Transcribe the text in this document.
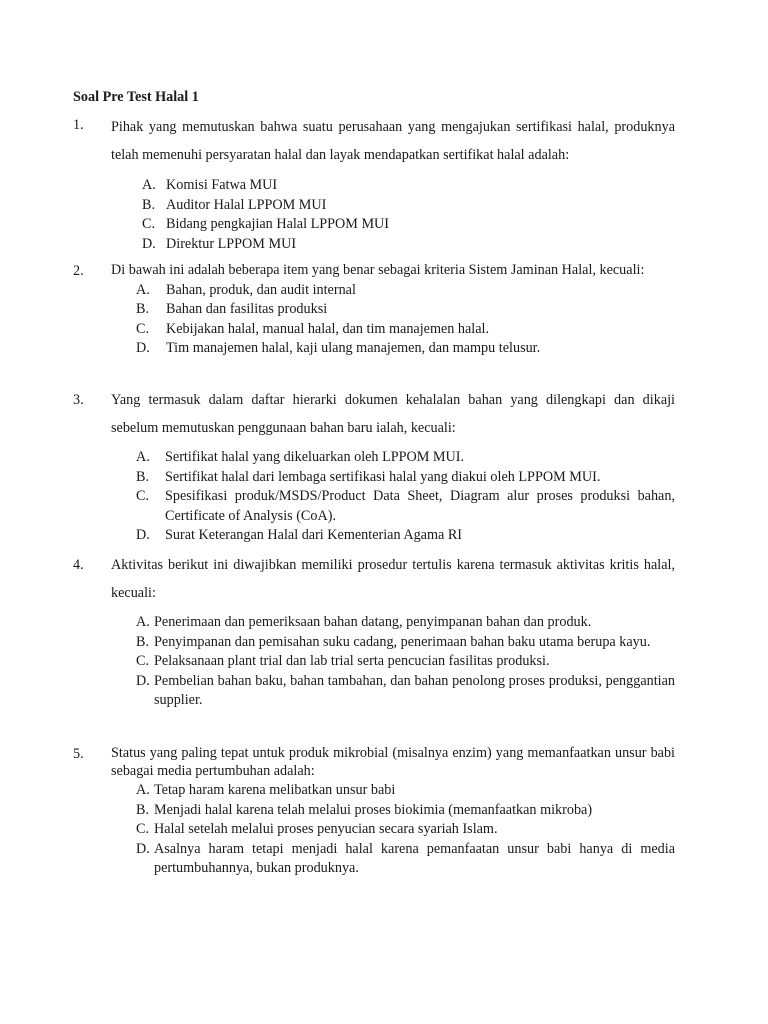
Soal Pre Test Halal 1
1. Pihak yang memutuskan bahwa suatu perusahaan yang mengajukan sertifikasi halal, produknya telah memenuhi persyaratan halal dan layak mendapatkan sertifikat halal adalah:
A. Komisi Fatwa MUI
B. Auditor Halal LPPOM MUI
C. Bidang pengkajian Halal LPPOM MUI
D. Direktur LPPOM MUI
2. Di bawah ini adalah beberapa item yang benar sebagai kriteria Sistem Jaminan Halal, kecuali:
A. Bahan, produk, dan audit internal
B. Bahan dan fasilitas produksi
C. Kebijakan halal, manual halal, dan tim manajemen halal.
D. Tim manajemen halal, kaji ulang manajemen, dan mampu telusur.
3. Yang termasuk dalam daftar hierarki dokumen kehalalan bahan yang dilengkapi dan dikaji sebelum memutuskan penggunaan bahan baru ialah, kecuali:
A. Sertifikat halal yang dikeluarkan oleh LPPOM MUI.
B. Sertifikat halal dari lembaga sertifikasi halal yang diakui oleh LPPOM MUI.
C. Spesifikasi produk/MSDS/Product Data Sheet, Diagram alur proses produksi bahan, Certificate of Analysis (CoA).
D. Surat Keterangan Halal dari Kementerian Agama RI
4. Aktivitas berikut ini diwajibkan memiliki prosedur tertulis karena termasuk aktivitas kritis halal, kecuali:
A. Penerimaan dan pemeriksaan bahan datang, penyimpanan bahan dan produk.
B. Penyimpanan dan pemisahan suku cadang, penerimaan bahan baku utama berupa kayu.
C. Pelaksanaan plant trial dan lab trial serta pencucian fasilitas produksi.
D. Pembelian bahan baku, bahan tambahan, dan bahan penolong proses produksi, penggantian supplier.
5. Status yang paling tepat untuk produk mikrobial (misalnya enzim) yang memanfaatkan unsur babi sebagai media pertumbuhan adalah:
A. Tetap haram karena melibatkan unsur babi
B. Menjadi halal karena telah melalui proses biokimia (memanfaatkan mikroba)
C. Halal setelah melalui proses penyucian secara syariah Islam.
D. Asalnya haram tetapi menjadi halal karena pemanfaatan unsur babi hanya di media pertumbuhannya, bukan produknya.
